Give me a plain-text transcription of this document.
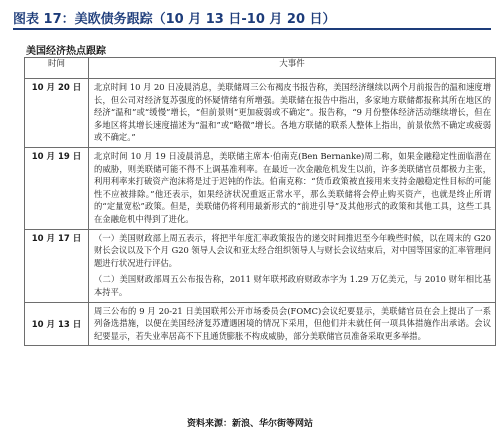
图表 17：美欧债务跟踪（10 月 13 日-10 月 20 日）
美国经济热点跟踪
时间	大事件
10 月 20 日	北京时间 10 月 20 日凌晨消息，美联储周三公布褐皮书报告称，美国经济继续以两个月前报告的温和速度增长，但公司对经济复苏强度的怀疑情绪有所增强。美联储在报告中指出，多家地方联储都报称其所在地区的经济“温和”或“缓慢”增长，“但前景则”更加疲弱或不确定”。报告称，“9 月份整体经济活动继续增长，但在多地区将其增长速度描述为“温和”或“略微”增长。各地方联储的联系人整体上指出，前景依然不确定或疲弱或不确定。”

10 月 19 日	北京时间 10 月 19 日凌晨消息，美联储主席本·伯南克(Ben Bernanke)周二称，如果金融稳定性面临潜在的威胁，则美联储可能不得不上调基准利率。在最近一次金融危机发生以前，许多美联储官员都极力主张，利用利率来打破资产泡沫将是过于迟钝的作法。伯南克称：“货币政策被直接用来支持金融稳定性目标的可能性不应被排除。”他还表示，如果经济状况重返正常水平，那么美联储将会停止购买资产，也就是终止所谓的“定量宽松”政策。但是，美联储仍将利用最新形式的“前进引导”及其他形式的政策和其他工具，这些工具在金融危机中得到了进化。

10 月 17 日	（一）美国财政部上周五表示，将把半年度汇率政策报告的递交时间推迟至今年晚些时候，以在周末的 G20 财长会议以及下个月 G20 领导人会议和亚太经合组织领导人与财长会议结束后，对中国等国家的汇率管理问题进行状况进行评估。

（二）美国财政部周五公布报告称，2011 财年联邦政府财政赤字为 1.29 万亿美元，与 2010 财年相比基本持平。

10 月 13 日	周三公布的 9 月 20-21 日美国联邦公开市场委员会(FOMC)会议纪要显示，美联储官员在会上提出了一系列备选措施，以便在美国经济复苏遭遇困境的情况下采用，但他们并未就任何一项具体措施作出承诺。会议纪要显示，若失业率居高不下且通货膨胀不构成威胁，部分美联储官员准备采取更多举措。

资料来源：新浪、华尔街等网站
